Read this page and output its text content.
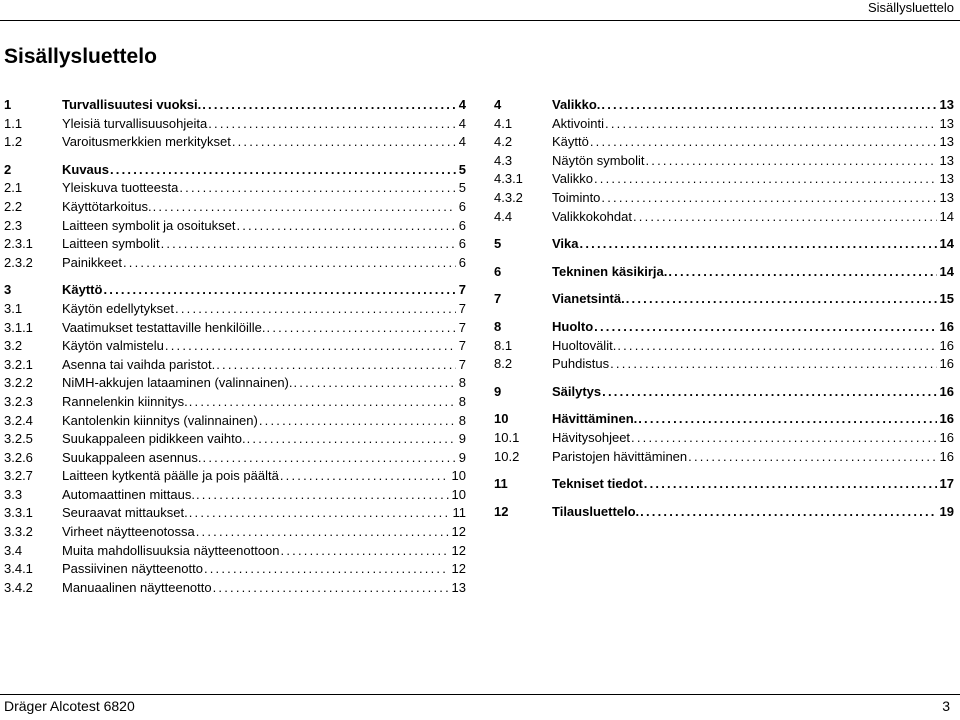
Sisällysluettelo
Sisällysluettelo
1	Turvallisuutesi vuoksi. .....	4
1.1	Yleisiä turvallisuusohjeita .....	4
1.2	Varoitusmerkkien merkitykset .....	4
2	Kuvaus .....	5
2.1	Yleiskuva tuotteesta .....	5
2.2	Käyttötarkoitus. .....	6
2.3	Laitteen symbolit ja osoitukset .....	6
2.3.1 Laitteen symbolit .....	6
2.3.2 Painikkeet .....	6
3	Käyttö .....	7
3.1	Käytön edellytykset .....	7
3.1.1 Vaatimukset testattaville henkilöille. .....	7
3.2	Käytön valmistelu .....	7
3.2.1 Asenna tai vaihda paristot. .....	7
3.2.2 NiMH-akkujen lataaminen (valinnainen). .....	8
3.2.3 Rannelenkin kiinnitys. .....	8
3.2.4 Kantolenkin kiinnitys (valinnainen) .....	8
3.2.5 Suukappaleen pidikkeen vaihto. .....	9
3.2.6 Suukappaleen asennus. .....	9
3.2.7 Laitteen kytkentä päälle ja pois päältä .....	10
3.3	Automaattinen mittaus. .....	10
3.3.1 Seuraavat mittaukset. .....	11
3.3.2 Virheet näytteenotossa .....	12
3.4	Muita mahdollisuuksia näytteenottoon .....	12
3.4.1 Passiivinen näytteenotto .....	12
3.4.2 Manuaalinen näytteenotto .....	13
4	Valikko. .....	13
4.1	Aktivointi .....	13
4.2	Käyttö .....	13
4.3	Näytön symbolit .....	13
4.3.1 Valikko .....	13
4.3.2 Toiminto .....	13
4.4	Valikkokohdat .....	14
5	Vika .....	14
6	Tekninen käsikirja. .....	14
7	Vianetsintä. .....	15
8	Huolto .....	16
8.1	Huoltovälit. .....	16
8.2	Puhdistus .....	16
9	Säilytys .....	16
10	Hävittäminen. .....	16
10.1	Hävitysohjeet .....	16
10.2	Paristojen hävittäminen .....	16
11	Tekniset tiedot .....	17
12	Tilausluettelo. .....	19
Dräger Alcotest 6820	3
